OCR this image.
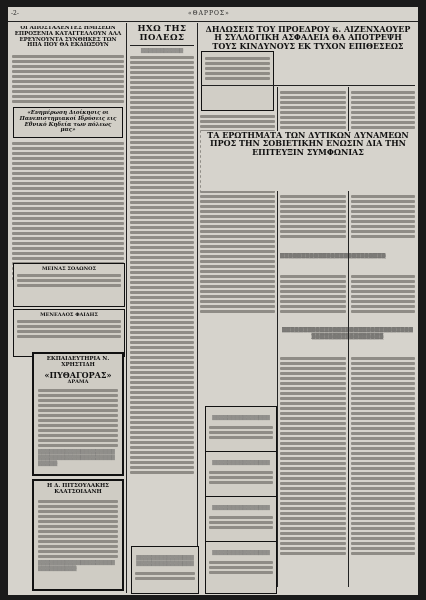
-2-	«ΘΑΡΡΟΣ»

ΟΙ ΑΠΟΣΤΑΛΕΝΤΕΣ ΗΜΙΣΕΩΝ ΕΠΡΟΞΕΝΙΑ ΚΑΤΑΓΓΕΛΛΟΥΝ ΑΛΛ ΕΡΕΥΝΟΥΝΤΑ ΣΥΝΘΗΚΕΣ ΤΩΝ ΗΠΑ ΠΟΥ ΘΑ ΕΚΔΙΩΞΟΥΝ

«Ενημέρωση Διοίκησις οι Πανεπιστημιακοί Ιδρύσεις εις Εθνικό Κηδεία των πόλεως μας»

ΜΕΙΝΑΣ ΣΟΛΩΝΟΣ

ΜΕΝΕΛΑΟΣ ΦΑΙΔΗΣ

ΗΧΩ ΤΗΣ ΠΟΛΕΩΣ

▒▒▒▒▒▒▒▒▒▒▒

ΔΗΛΩΣΕΙΣ ΤΟΥ ΠΡΟΕΔΡΟΥ κ. ΑΙΖΕΝΧΑΟΥΕΡ Η ΣΥΛΛΟΓΙΚΗ ΑΣΦΑΛΕΙΑ ΘΑ ΑΠΟΤΡΕΨΗ ΤΟΥΣ ΚΙΝΔΥΝΟΥΣ ΕΚ ΤΥΧΟΝ ΕΠΙΘΕΣΕΩΣ

ΤΑ ΕΡΩΤΗΜΑΤΑ ΤΩΝ ΔΥΤΙΚΩΝ ΔΥΝΑΜΕΩΝ ΠΡΟΣ ΤΗΝ ΣΟΒΙΕΤΙΚΗΝ ΕΝΩΣΙΝ ΔΙΑ ΤΗΝ ΕΠΙΤΕΥΞΙΝ ΣΥΜΦΩΝΙΑΣ

▒▒▒▒▒▒▒▒▒▒▒▒▒▒▒▒▒▒▒▒▒▒▒▒▒

▒▒▒▒▒▒▒▒▒▒▒▒▒▒▒▒▒▒▒▒▒▒▒▒▒▒▒▒▒▒▒▒▒▒▒▒▒▒▒▒▒▒▒▒▒▒▒▒

ΕΚΠΑΙΔΕΥΤΗΡΙΑ Ν. ΧΡΗΣΤΙΔΗ

«ΠΥΘΑΓΟΡΑΣ»

ΔΡΑΜΑ

▒▒▒▒▒▒▒▒▒▒▒▒▒▒▒▒▒▒▒▒▒▒▒▒▒▒▒▒▒▒▒▒▒▒▒▒▒▒▒▒▒▒▒▒▒

Η Δ. ΠΙΤΣΟΥΛΑΚΗΣ ΚΛΑΤΣΟΙΔΑΝΗ

▒▒▒▒▒▒▒▒▒▒▒▒▒▒▒▒▒▒▒▒▒▒▒▒▒▒▒▒▒▒

▒▒▒▒▒▒▒▒▒▒▒▒▒▒▒

▒▒▒▒▒▒▒▒▒▒▒▒▒▒▒

▒▒▒▒▒▒▒▒▒▒▒▒▒▒▒

▒▒▒▒▒▒▒▒▒▒▒▒▒▒▒

▒▒▒▒▒▒▒▒▒▒▒▒▒▒▒▒▒▒▒▒▒▒▒▒▒▒▒▒▒▒
